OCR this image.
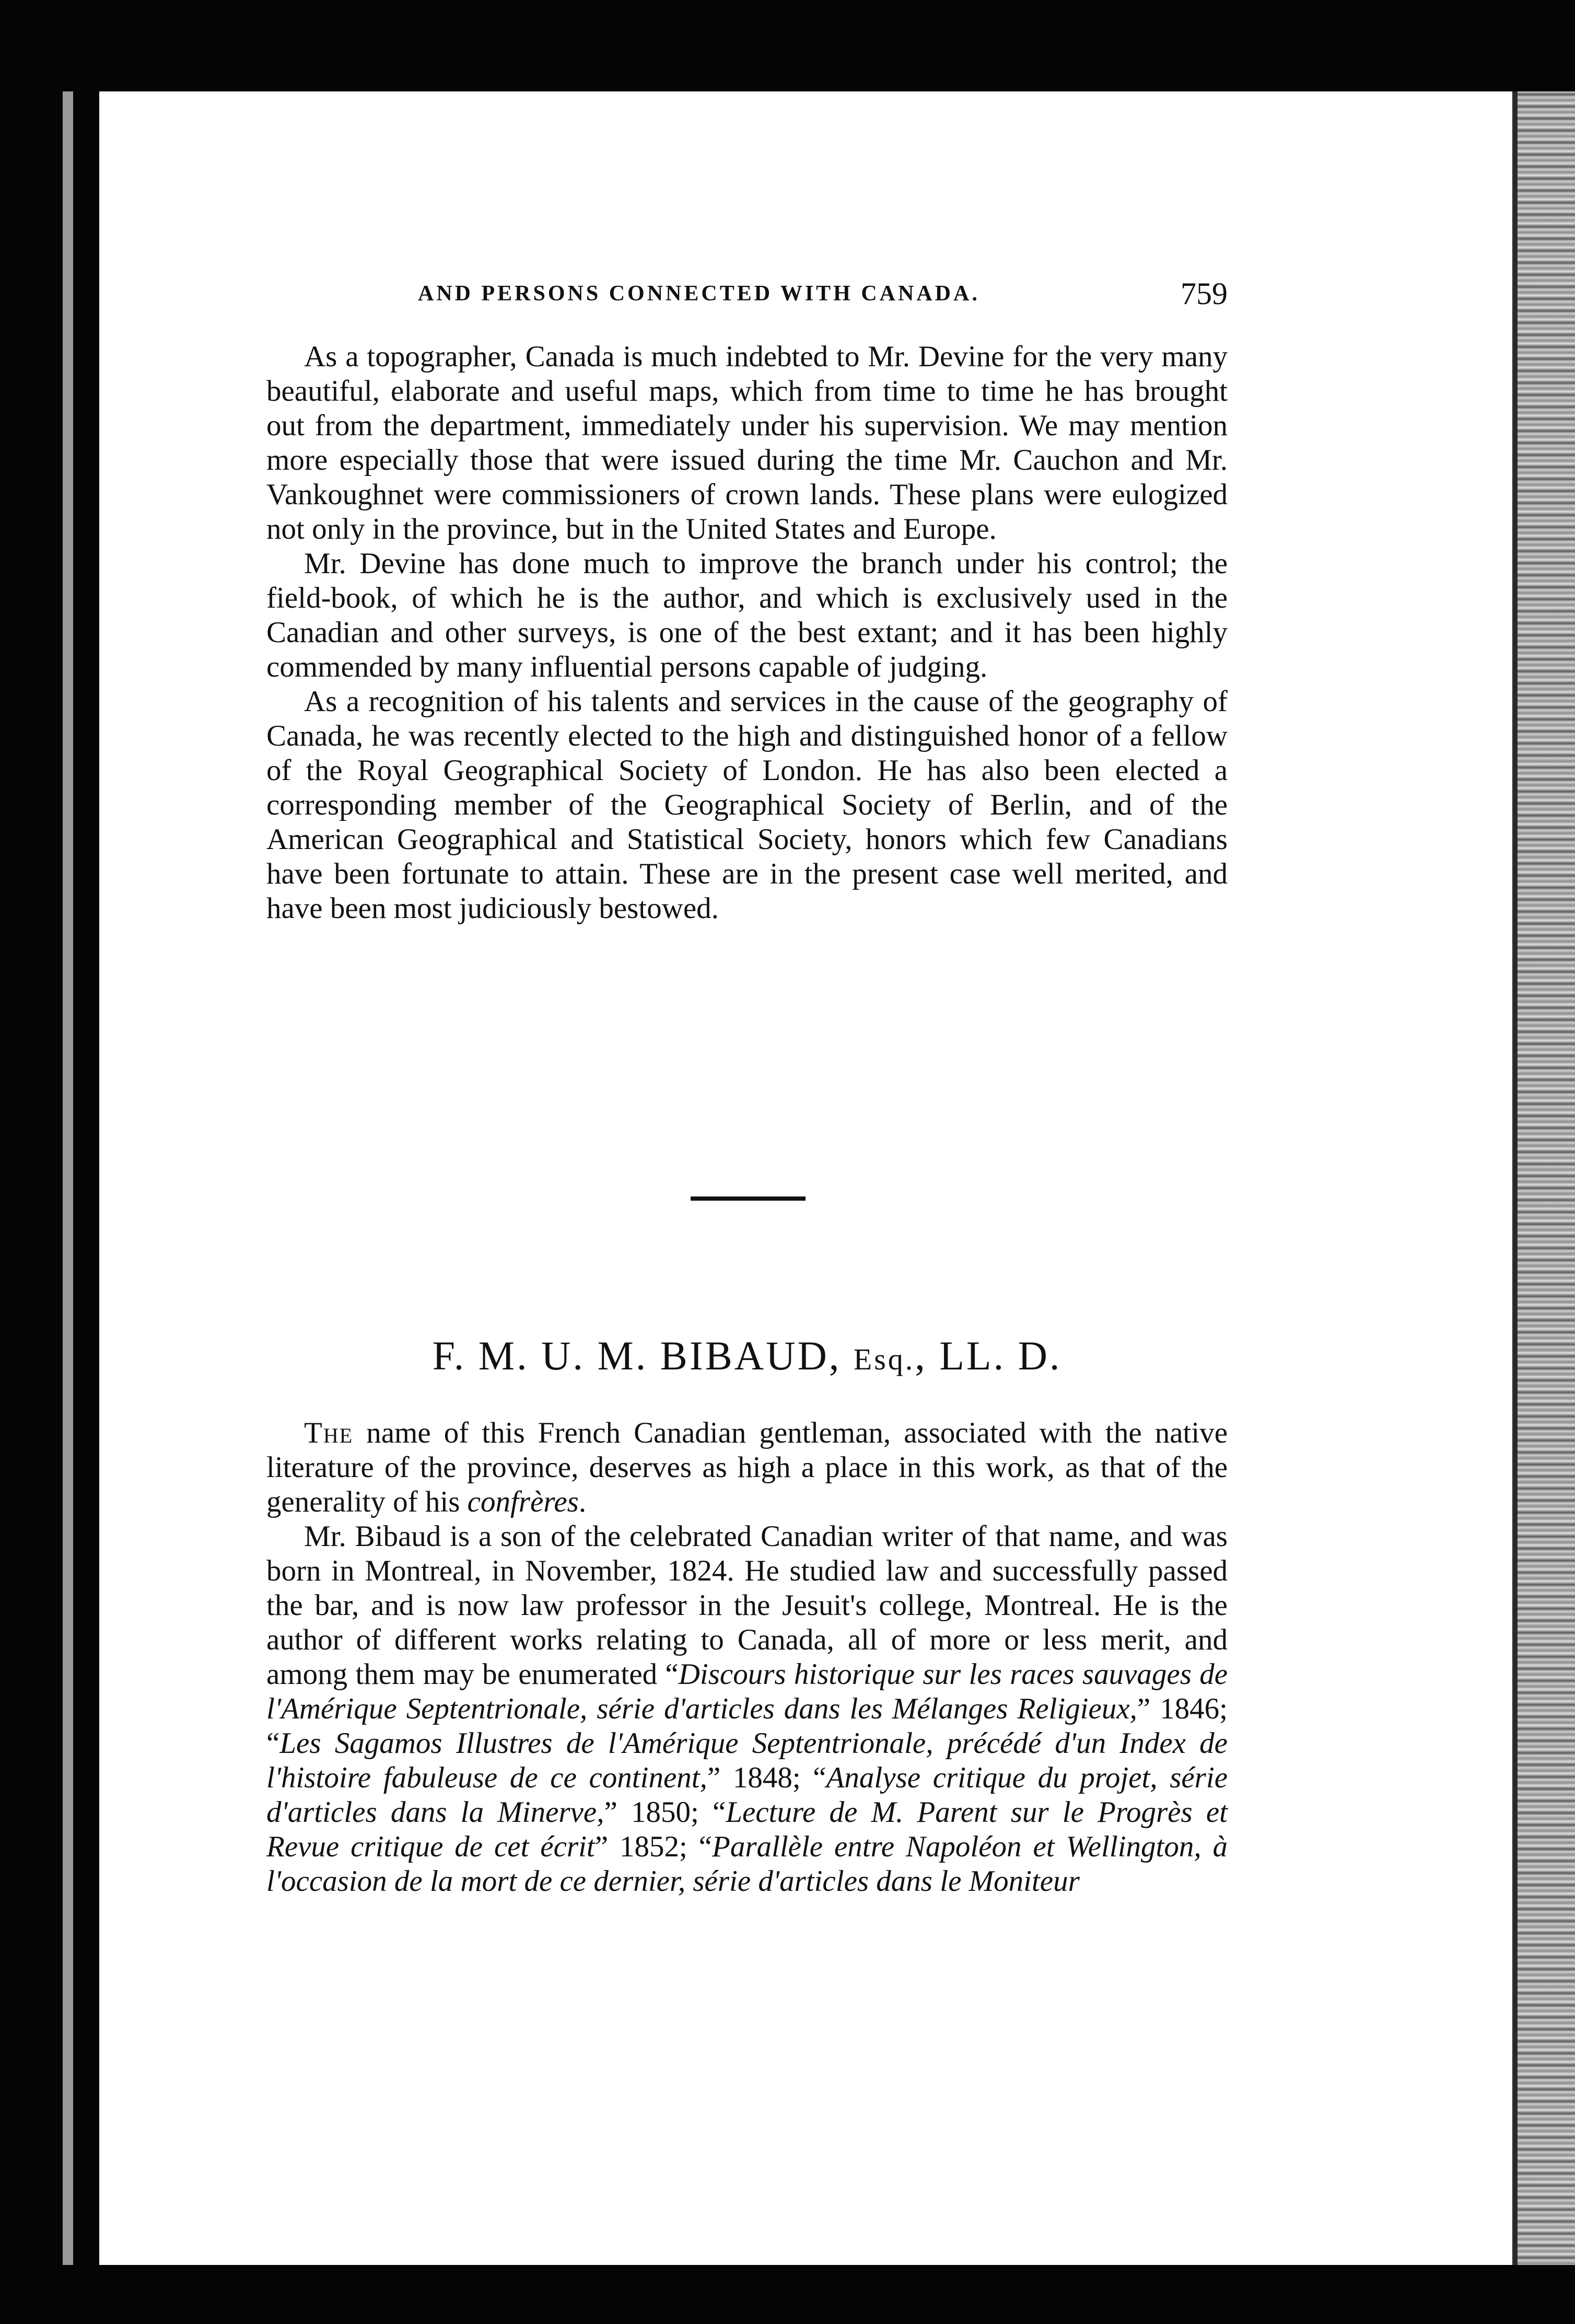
AND PERSONS CONNECTED WITH CANADA.	759

As a topographer, Canada is much indebted to Mr. Devine for the very many beautiful, elaborate and useful maps, which from time to time he has brought out from the department, immediately under his supervision. We may mention more especially those that were issued during the time Mr. Cauchon and Mr. Vankoughnet were commissioners of crown lands. These plans were eulogized not only in the province, but in the United States and Europe.

Mr. Devine has done much to improve the branch under his control; the field-book, of which he is the author, and which is exclusively used in the Canadian and other surveys, is one of the best extant; and it has been highly commended by many influential persons capable of judging.

As a recognition of his talents and services in the cause of the geography of Canada, he was recently elected to the high and distinguished honor of a fellow of the Royal Geographical Society of London. He has also been elected a corresponding member of the Geographical Society of Berlin, and of the American Geographical and Statistical Society, honors which few Canadians have been fortunate to attain. These are in the present case well merited, and have been most judiciously bestowed.

F. M. U. M. BIBAUD, Esq., LL. D.

The name of this French Canadian gentleman, associated with the native literature of the province, deserves as high a place in this work, as that of the generality of his confrères.

Mr. Bibaud is a son of the celebrated Canadian writer of that name, and was born in Montreal, in November, 1824. He studied law and successfully passed the bar, and is now law professor in the Jesuit's college, Montreal. He is the author of different works relating to Canada, all of more or less merit, and among them may be enumerated “Discours historique sur les races sauvages de l'Amérique Septentrionale, série d'articles dans les Mélanges Religieux,” 1846; “Les Sagamos Illustres de l'Amérique Septentrionale, précédé d'un Index de l'histoire fabuleuse de ce continent,” 1848; “Analyse critique du projet, série d'articles dans la Minerve,” 1850; “Lecture de M. Parent sur le Progrès et Revue critique de cet écrit” 1852; “Parallèle entre Napoléon et Wellington, à l'occasion de la mort de ce dernier, série d'articles dans le Moniteur
